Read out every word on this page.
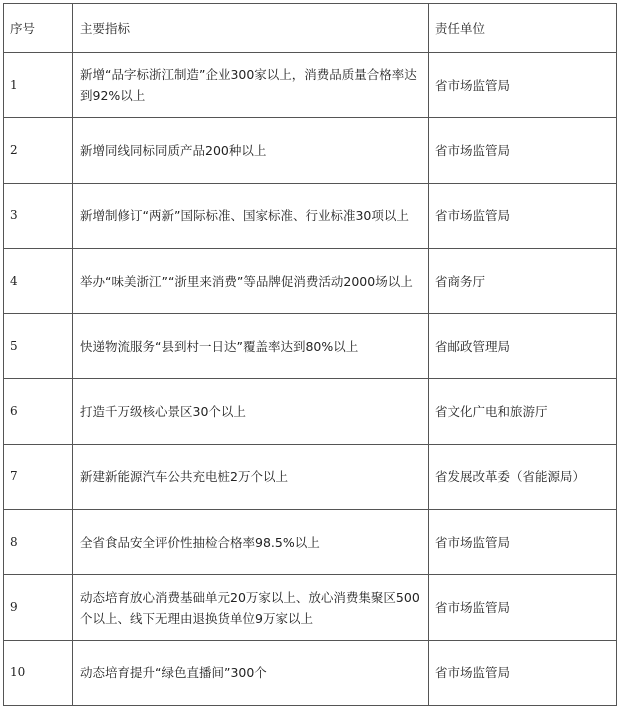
序号	主要指标	责任单位
1	新增“品字标浙江制造”企业300家以上，消费品质量合格率达到92%以上	省市场监管局
2	新增同线同标同质产品200种以上	省市场监管局
3	新增制修订“两新”国际标准、国家标准、行业标准30项以上	省市场监管局
4	举办“味美浙江”“浙里来消费”等品牌促消费活动2000场以上	省商务厅
5	快递物流服务“县到村一日达”覆盖率达到80%以上	省邮政管理局
6	打造千万级核心景区30个以上	省文化广电和旅游厅
7	新建新能源汽车公共充电桩2万个以上	省发展改革委（省能源局）
8	全省食品安全评价性抽检合格率98.5%以上	省市场监管局
9	动态培育放心消费基础单元20万家以上、放心消费集聚区500个以上、线下无理由退换货单位9万家以上	省市场监管局
10	动态培育提升“绿色直播间”300个	省市场监管局
